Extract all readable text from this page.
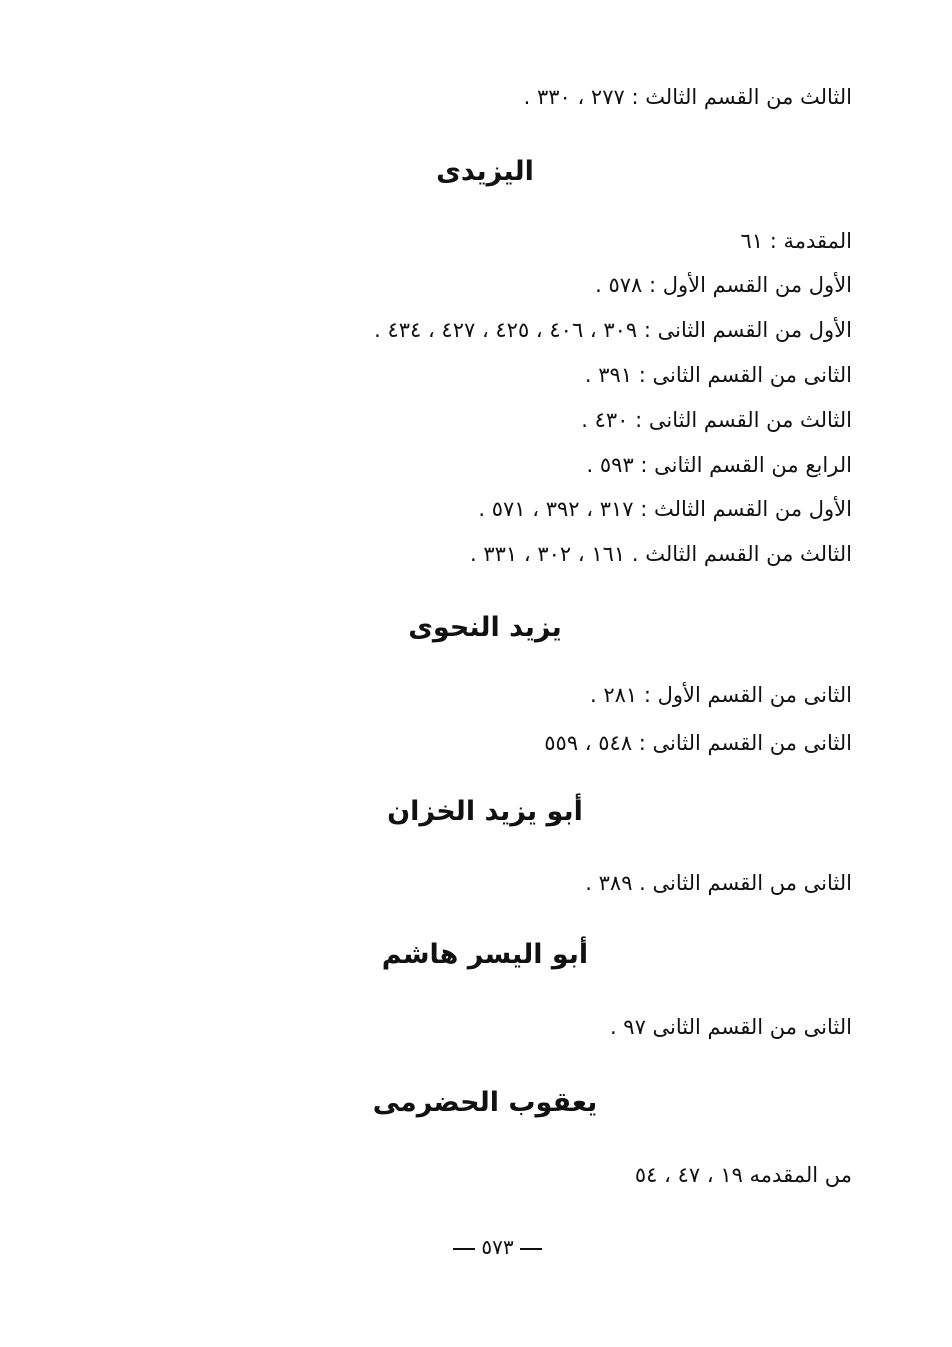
الثالث من القسم الثالث : ٢٧٧ ، ٣٣٠ .
اليزيدى
المقدمة : ٦١
الأول من القسم الأول : ٥٧٨ .
الأول من القسم الثانى : ٣٠٩ ، ٤٠٦ ، ٤٢٥ ، ٤٢٧ ، ٤٣٤ .
الثانى من القسم الثانى : ٣٩١ .
الثالث من القسم الثانى : ٤٣٠ .
الرابع من القسم الثانى : ٥٩٣ .
الأول من القسم الثالث : ٣١٧ ، ٣٩٢ ، ٥٧١ .
الثالث من القسم الثالث . ١٦١ ، ٣٠٢ ، ٣٣١ .
يزيد النحوى
الثانى من القسم الأول : ٢٨١ .
الثانى من القسم الثانى : ٥٤٨ ، ٥٥٩
أبو يزيد الخزان
الثانى مں القسم الثانى . ٣٨٩ .
أبو اليسر هاشم
الثانى من القسم الثانى ٩٧ .
يعقوب الحضرمى
مں المقدمه ١٩ ، ٤٧ ، ٥٤
٥٧٣
